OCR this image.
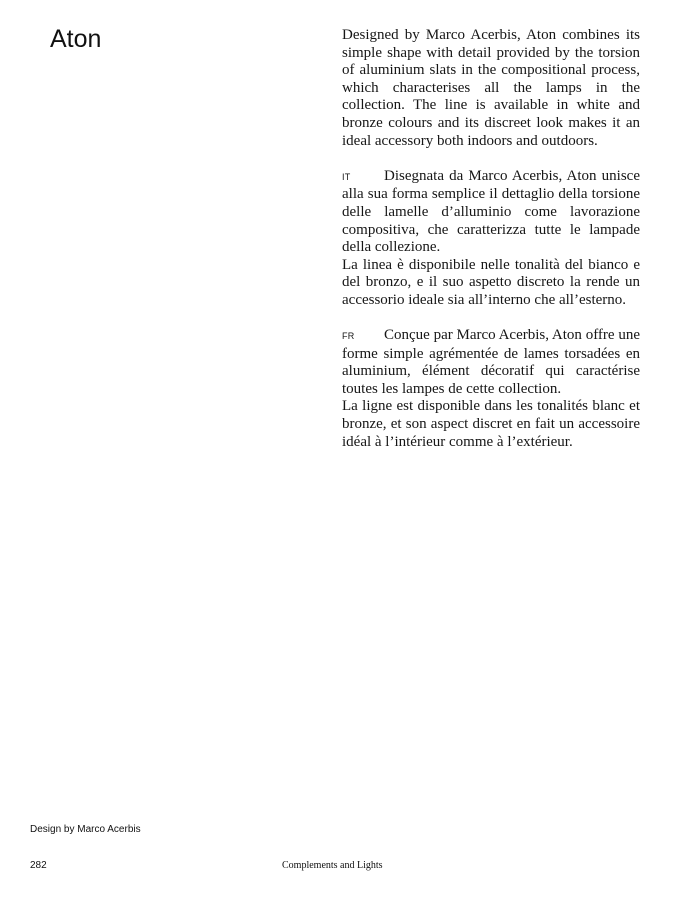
Aton	Designed by Marco Acerbis, Aton combines its simple shape with detail provided by the torsion of aluminium slats in the compositional process, which characterises all the lamps in the collection. The line is available in white and bronze colours and its discreet look makes it an ideal accessory both indoors and outdoors.

IT Disegnata da Marco Acerbis, Aton unisce alla sua forma semplice il dettaglio della torsione delle lamelle d’alluminio come lavorazione compositiva, che caratterizza tutte le lampade della collezione.

La linea è disponibile nelle tonalità del bianco e del bronzo, e il suo aspetto discreto la rende un accessorio ideale sia all’interno che all’esterno.

FR Conçue par Marco Acerbis, Aton offre une forme simple agrémentée de lames torsadées en aluminium, élément décoratif qui caractérise toutes les lampes de cette collection.

La ligne est disponible dans les tonalités blanc et bronze, et son aspect discret en fait un accessoire idéal à l’intérieur comme à l’extérieur.

Design by Marco Acerbis

282	Complements and Lights
